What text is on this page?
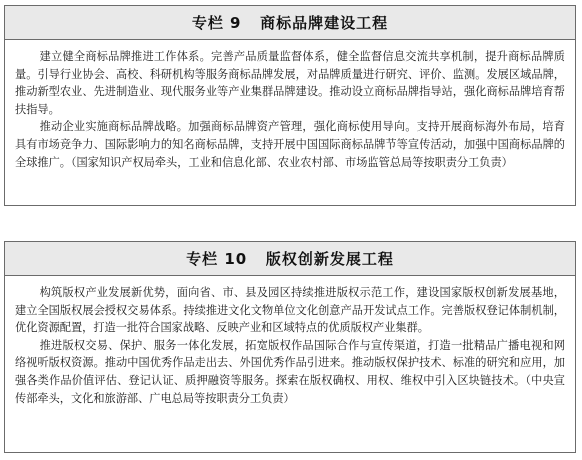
专栏 9
商标品牌建设工程

建立健全商标品牌推进工作体系。完善产品质量监督体系，健全监督信息交流共享机制，提升商标品牌质量。引导行业协会、高校、科研机构等服务商标品牌发展，对品牌质量进行研究、评价、监测。发展区域品牌，推动新型农业、先进制造业、现代服务业等产业集群品牌建设。推动设立商标品牌指导站，强化商标品牌培育帮扶指导。

推动企业实施商标品牌战略。加强商标品牌资产管理，强化商标使用导向。支持开展商标海外布局，培育具有市场竞争力、国际影响力的知名商标品牌，支持开展中国国际商标品牌节等宣传活动，加强中国商标品牌的全球推广。（国家知识产权局牵头，工业和信息化部、农业农村部、市场监管总局等按职责分工负责）

专栏 10
版权创新发展工程

构筑版权产业发展新优势，面向省、市、县及园区持续推进版权示范工作，建设国家版权创新发展基地，建立全国版权展会授权交易体系。持续推进文化文物单位文化创意产品开发试点工作。完善版权登记体制机制，优化资源配置，打造一批符合国家战略、反映产业和区域特点的优质版权产业集群。

推进版权交易、保护、服务一体化发展，拓宽版权作品国际合作与宣传渠道，打造一批精品广播电视和网络视听版权资源。推动中国优秀作品走出去、外国优秀作品引进来。推动版权保护技术、标准的研究和应用，加强各类作品价值评估、登记认证、质押融资等服务。探索在版权确权、用权、维权中引入区块链技术。（中央宣传部牵头，文化和旅游部、广电总局等按职责分工负责）
